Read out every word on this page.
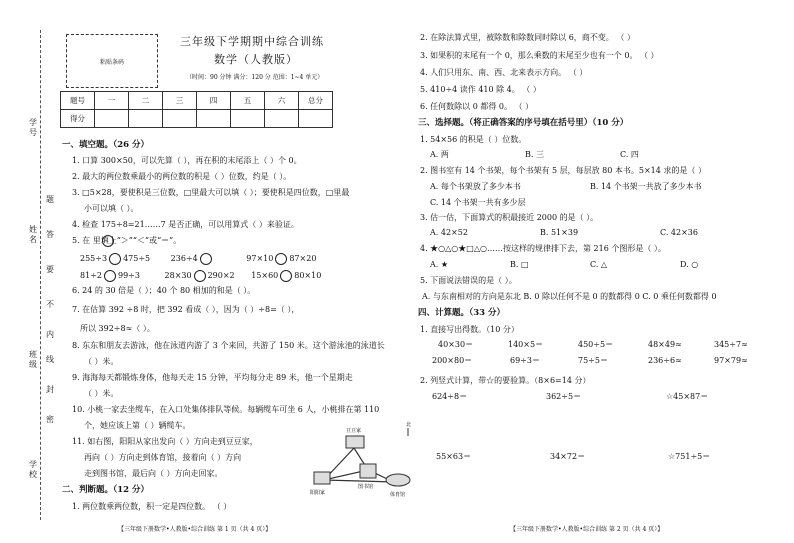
学号
姓名
班级
学校
题
答
要
不
内
线
封
密
粘贴条码
三年级下学期期中综合训练
数学（人教版）
（时间：90 分钟 满分：120 分 范围：1~4 单元）
题号	一	二	三	四	五	六	总分
得分							
一、填空题。（26 分）
1. 口算 300×50，可以先算（ ），再在积的末尾添上（ ）个 0。
2. 最大的两位数乘最小的两位数的积是（ ）位数，约是（ ）。
3. □5×28，要使积是三位数，□里最大可以填（ ）；要使积是四位数，□里最
小可以填（ ）。
4. 检查 175÷8=21……7 是否正确，可以用算式（ ）来验证。
5. 在 里填上“＞”“＜”或“＝”。
255÷3 475÷5	236÷4	97×10 87×20
81÷2 99÷3	28×30 290×2 15×60 80×10
6. 24 的 30 倍是（ ）；40 个 80 相加的和是（ ）。
7. 在估算 392 ÷8 时，把 392 看成（ ），因为（ ）÷8=（ ），
所以 392÷8≈（ ）。
8. 东东和朋友去游泳，他在泳道内游了 3 个来回，共游了 150 米。这个游泳池的泳道长
（ ）米。
9. 海海每天都锻炼身体，他每天走 15 分钟，平均每分走 89 米，他一个星期走
（ ）米。
10. 小桃一家去坐缆车，在入口处集体排队等候。每辆缆车可坐 6 人，小桃排在第 110
个，她应该上第（ ）辆缆车。
11. 如右图，阳阳从家出发向（ ）方向走到豆豆家，
再向（ ）方向走到体育馆，接着向（ ）方向
走到图书馆，最后向（ ）方向走回家。
豆豆家
阳阳家
图书馆
体育馆
北
二、判断题。（12 分）
1. 两位数乘两位数，积一定是四位数。 （ ）
【三年级下册数学•人教版•综合训练 第 1 页（共 4 页）】
2. 在除法算式里，被除数和除数同时除以 6，商不变。 （ ）
3. 如果积的末尾有一个 0，那么乘数的末尾至少也有一个 0。 （ ）
4. 人们只用东、南、西、北来表示方向。 （ ）
5. 410÷4 读作 410 除 4。 （ ）
6. 任何数除以 0 都得 0。 （ ）
三、选择题。（将正确答案的序号填在括号里）（10 分）
1. 54×56 的积是（ ）位数。
A. 两	B. 三	C. 四
2. 图书室有 14 个书架，每个书架有 5 层，每层放 80 本书。5×14 求的是（ ）
A. 每个书架放了多少本书	B. 14 个书架一共放了多少本书
C. 14 个书架一共有多少层
3. 估一估，下面算式的积最接近 2000 的是（ ）。
A. 42×52	B. 51×39	C. 42×36
4. ★○△○★□△○……按这样的规律排下去，第 216 个图形是（ ）。
A. ★	B. □	C. △	D. ○
5. 下面说法错误的是（ ）。
A. 与东南相对的方向是东北 B. 0 除以任何不是 0 的数都得 0 C. 0 乘任何数都得 0
四、计算题。（33 分）
1. 直接写出得数。（10 分）
40×30＝	140×5＝	450÷5＝	48×49≈	345÷7≈
200×80＝	69÷3＝	75÷5＝	236÷6≈	97×79≈
2. 列竖式计算，带☆的要验算。（8×6=14 分）
624÷8＝	362÷5＝	☆45×87＝
55×63＝	34×72＝	☆751÷5＝
【三年级下册数学•人教版•综合训练 第 2 页（共 4 页）】
